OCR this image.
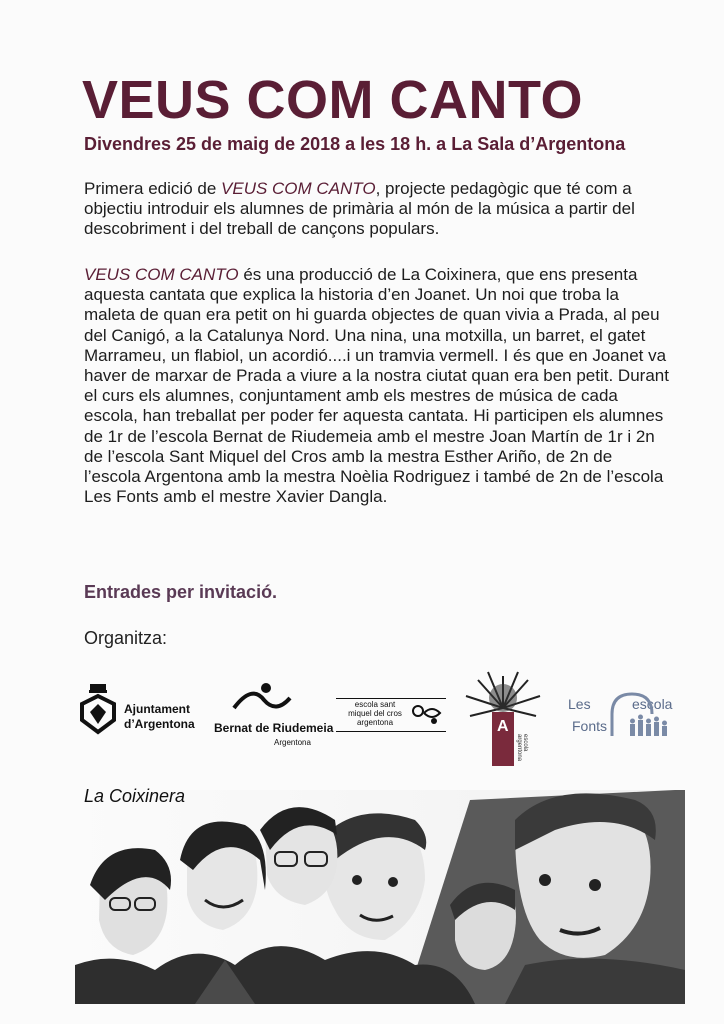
VEUS COM CANTO
Divendres 25 de maig de 2018 a les 18 h. a La Sala d’Argentona

Primera edició de VEUS COM CANTO, projecte pedagògic que té com a objectiu introduir els alumnes de primària al món de la música a partir del descobriment i del treball de cançons populars.

VEUS COM CANTO és una producció de La Coixinera, que ens presenta aquesta cantata que explica la historia d’en Joanet. Un noi que troba la maleta de quan era petit on hi guarda objectes de quan vivia a Prada, al peu del Canigó, a la Catalunya Nord. Una nina, una motxilla, un barret, el gatet Marrameu, un flabiol, un acordió....i un tramvia vermell. I és que en Joanet va haver de marxar de Prada a viure a la nostra ciutat quan era ben petit. Durant el curs els alumnes, conjuntament amb els mestres de música de cada escola, han treballat per poder fer aquesta cantata. Hi participen els alumnes de 1r de l’escola Bernat de Riudemeia amb el mestre Joan Martín de 1r i 2n de l’escola Sant Miquel del Cros amb la mestra Esther Ariño, de 2n de l’escola Argentona amb la mestra Noèlia Rodriguez i també de 2n de l’escola Les Fonts amb el mestre Xavier Dangla.

Entrades per invitació.
Organitza:
Ajuntament
d’Argentona Bernat de Riudemeia
Argentona
escola sant
miquel del cros
argentona	A
escola argentona
Les
Fonts
escola
La Coixinera
